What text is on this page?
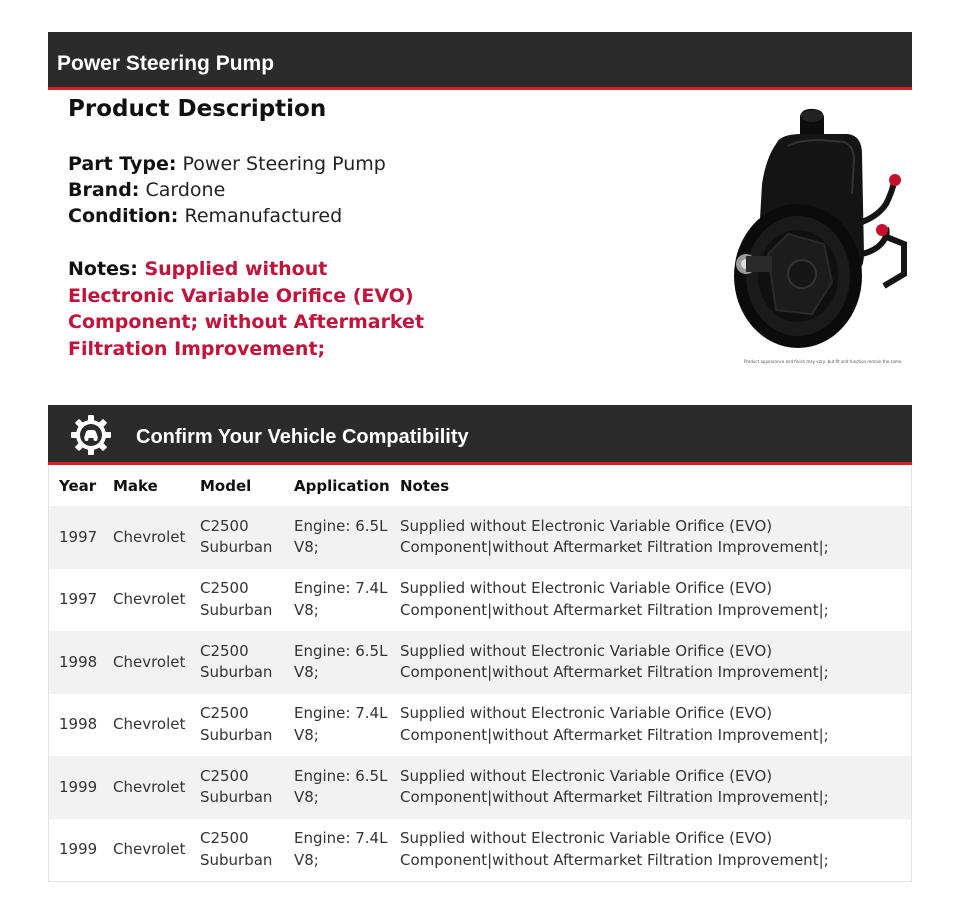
Power Steering Pump
Product Description
Part Type: Power Steering Pump
Brand: Cardone
Condition: Remanufactured
Notes: Supplied without Electronic Variable Orifice (EVO) Component; without Aftermarket Filtration Improvement;
Product appearance and finish may vary, but fit and function remain the same.
Confirm Your Vehicle Compatibility
Year	Make	Model	Application	Notes
1997	Chevrolet	C2500 Suburban	Engine: 6.5L V8;	Supplied without Electronic Variable Orifice (EVO) Component|without Aftermarket Filtration Improvement|;
1997	Chevrolet	C2500 Suburban	Engine: 7.4L V8;	Supplied without Electronic Variable Orifice (EVO) Component|without Aftermarket Filtration Improvement|;
1998	Chevrolet	C2500 Suburban	Engine: 6.5L V8;	Supplied without Electronic Variable Orifice (EVO) Component|without Aftermarket Filtration Improvement|;
1998	Chevrolet	C2500 Suburban	Engine: 7.4L V8;	Supplied without Electronic Variable Orifice (EVO) Component|without Aftermarket Filtration Improvement|;
1999	Chevrolet	C2500 Suburban	Engine: 6.5L V8;	Supplied without Electronic Variable Orifice (EVO) Component|without Aftermarket Filtration Improvement|;
1999	Chevrolet	C2500 Suburban	Engine: 7.4L V8;	Supplied without Electronic Variable Orifice (EVO) Component|without Aftermarket Filtration Improvement|;
